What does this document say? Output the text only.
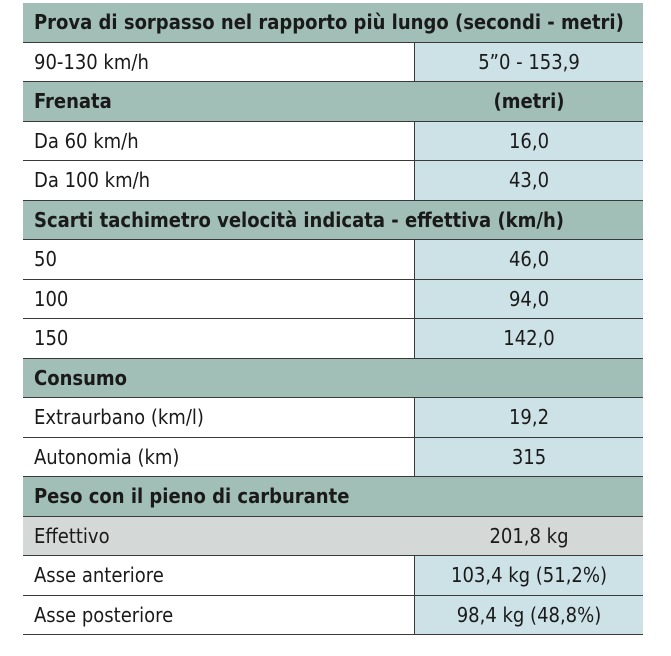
Prova di sorpasso nel rapporto più lungo (secondi - metri)
90-130 km/h	5”0 - 153,9
Frenata	(metri)
Da 60 km/h	16,0
Da 100 km/h	43,0
Scarti tachimetro velocità indicata - effettiva (km/h)
50	46,0
100	94,0
150	142,0
Consumo
Extraurbano (km/l)	19,2
Autonomia (km)	315
Peso con il pieno di carburante
Effettivo	201,8 kg
Asse anteriore	103,4 kg (51,2%)
Asse posteriore	98,4 kg (48,8%)
